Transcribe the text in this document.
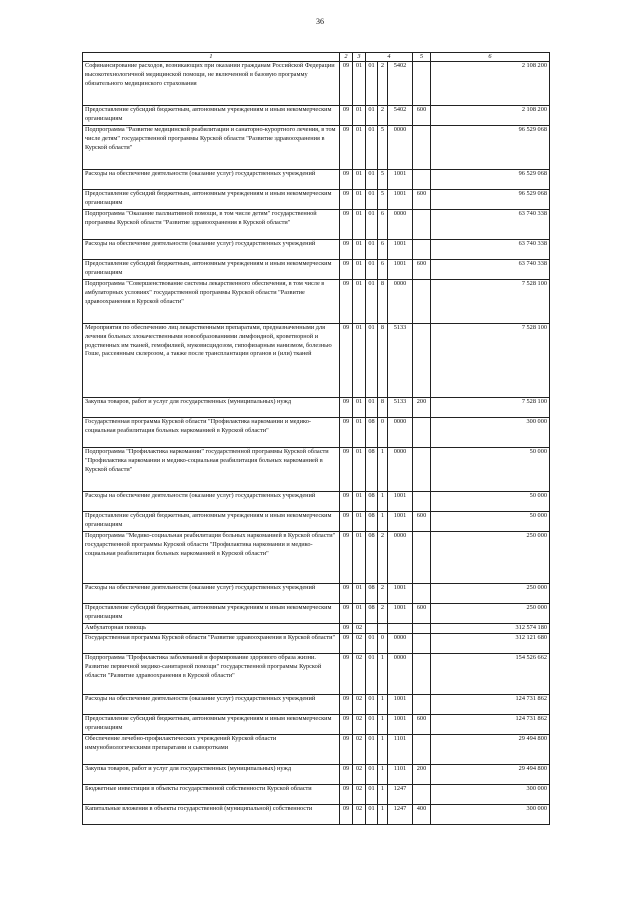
36
1	2	3	4			5	6
Софинансирование расходов, возникающих при оказании гражданам Российской Федерации высокотехнологичной медицинской помощи, не включенной в базовую программу обязательного медицинского страхования	09	01	01	2	5402		2 108 200
Предоставление субсидий бюджетным, автономным учреждениям и иным некоммерческим организациям	09	01	01	2	5402	600	2 108 200
Подпрограмма "Развитие медицинской реабилитации и санаторно-курортного лечения, в том числе детям" государственной программы Курской области "Развитие здравоохранения в Курской области"	09	01	01	5	0000		96 529 068
Расходы на обеспечение деятельности (оказание услуг) государственных учреждений	09	01	01	5	1001		96 529 068
Предоставление субсидий бюджетным, автономным учреждениям и иным некоммерческим организациям	09	01	01	5	1001	600	96 529 068
Подпрограмма "Оказание паллиативной помощи, в том числе детям" государственной программы Курской области "Развитие здравоохранения в Курской области"	09	01	01	6	0000		63 740 338
Расходы на обеспечение деятельности (оказание услуг) государственных учреждений	09	01	01	6	1001		63 740 338
Предоставление субсидий бюджетным, автономным учреждениям и иным некоммерческим организациям	09	01	01	6	1001	600	63 740 338
Подпрограмма "Совершенствование системы лекарственного обеспечения, в том числе в амбулаторных условиях" государственной программы Курской области "Развитие здравоохранения в Курской области"	09	01	01	8	0000		7 528 100
Мероприятия по обеспечению лиц лекарственными препаратами, предназначенными для лечения больных злокачественными новообразованиями лимфоидной, кроветворной и родственных им тканей, гемофилией, муковисцидозом, гипофизарным нанизмом, болезнью Гоше, рассеянным склерозом, а также после трансплантации органов и (или) тканей	09	01	01	8	5133		7 528 100
Закупка товаров, работ и услуг для государственных (муниципальных) нужд	09	01	01	8	5133	200	7 528 100
Государственная программа Курской области "Профилактика наркомании и медико-социальная реабилитация больных наркоманией в Курской области"	09	01	08	0	0000		300 000
Подпрограмма "Профилактика наркомании" государственной программы Курской области "Профилактика наркомании и медико-социальная реабилитация больных наркоманией в Курской области"	09	01	08	1	0000		50 000
Расходы на обеспечение деятельности (оказание услуг) государственных учреждений	09	01	08	1	1001		50 000
Предоставление субсидий бюджетным, автономным учреждениям и иным некоммерческим организациям	09	01	08	1	1001	600	50 000
Подпрограмма "Медико-социальная реабилитация больных наркоманией в Курской области" государственной программы Курской области "Профилактика наркомании и медико-социальная реабилитация больных наркоманией в Курской области"	09	01	08	2	0000		250 000
Расходы на обеспечение деятельности (оказание услуг) государственных учреждений	09	01	08	2	1001		250 000
Предоставление субсидий бюджетным, автономным учреждениям и иным некоммерческим организациям	09	01	08	2	1001	600	250 000
Амбулаторная помощь	09	02					312 574 180
Государственная программа Курской области "Развитие здравоохранения в Курской области"	09	02	01	0	0000		312 121 680
Подпрограмма "Профилактика заболеваний и формирование здорового образа жизни. Развитие первичной медико-санитарной помощи" государственной программы Курской области "Развитие здравоохранения в Курской области"	09	02	01	1	0000		154 526 662
Расходы на обеспечение деятельности (оказание услуг) государственных учреждений	09	02	01	1	1001		124 731 862
Предоставление субсидий бюджетным, автономным учреждениям и иным некоммерческим организациям	09	02	01	1	1001	600	124 731 862
Обеспечение лечебно-профилактических учреждений Курской области иммунобиологическими препаратами и сыворотками	09	02	01	1	1101		29 494 800
Закупка товаров, работ и услуг для государственных (муниципальных) нужд	09	02	01	1	1101	200	29 494 800
Бюджетные инвестиции в объекты государственной собственности Курской области	09	02	01	1	1247		300 000
Капитальные вложения в объекты государственной (муниципальной) собственности	09	02	01	1	1247	400	300 000
